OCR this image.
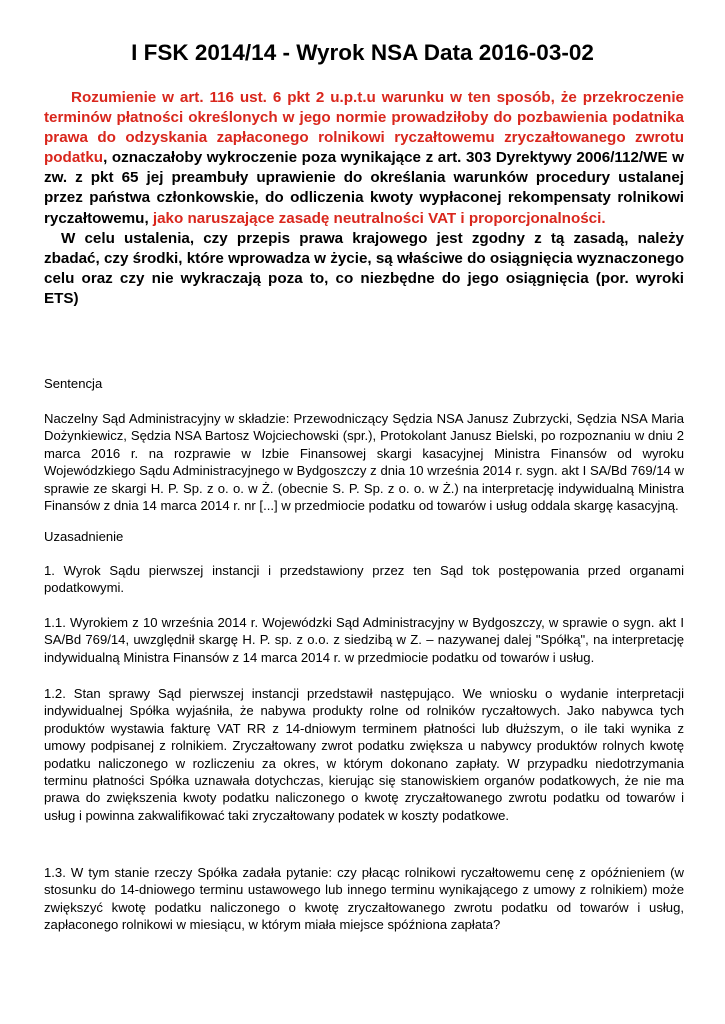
I FSK 2014/14 - Wyrok NSA Data 2016-03-02

Rozumienie w art. 116 ust. 6 pkt 2 u.p.t.u warunku w ten sposób, że przekroczenie terminów płatności określonych w jego normie prowadziłoby do pozbawienia podatnika prawa do odzyskania zapłaconego rolnikowi ryczałtowemu zryczałtowanego zwrotu podatku, oznaczałoby wykroczenie poza wynikające z art. 303 Dyrektywy 2006/112/WE w zw. z pkt 65 jej preambuły uprawienie do określania warunków procedury ustalanej przez państwa członkowskie, do odliczenia kwoty wypłaconej rekompensaty rolnikowi ryczałtowemu, jako naruszające zasadę neutralności VAT i proporcjonalności.

W celu ustalenia, czy przepis prawa krajowego jest zgodny z tą zasadą, należy zbadać, czy środki, które wprowadza w życie, są właściwe do osiągnięcia wyznaczonego celu oraz czy nie wykraczają poza to, co niezbędne do jego osiągnięcia (por. wyroki ETS)

Sentencja

Naczelny Sąd Administracyjny w składzie: Przewodniczący Sędzia NSA Janusz Zubrzycki, Sędzia NSA Maria Dożynkiewicz, Sędzia NSA Bartosz Wojciechowski (spr.), Protokolant Janusz Bielski, po rozpoznaniu w dniu 2 marca 2016 r. na rozprawie w Izbie Finansowej skargi kasacyjnej Ministra Finansów od wyroku Wojewódzkiego Sądu Administracyjnego w Bydgoszczy z dnia 10 września 2014 r. sygn. akt I SA/Bd 769/14 w sprawie ze skargi H. P. Sp. z o. o. w Ż. (obecnie S. P. Sp. z o. o. w Ż.) na interpretację indywidualną Ministra Finansów z dnia 14 marca 2014 r. nr [...] w przedmiocie podatku od towarów i usług oddala skargę kasacyjną.

Uzasadnienie

1. Wyrok Sądu pierwszej instancji i przedstawiony przez ten Sąd tok postępowania przed organami podatkowymi.

1.1. Wyrokiem z 10 września 2014 r. Wojewódzki Sąd Administracyjny w Bydgoszczy, w sprawie o sygn. akt I SA/Bd 769/14, uwzględnił skargę H. P. sp. z o.o. z siedzibą w Z. – nazywanej dalej "Spółką", na interpretację indywidualną Ministra Finansów z 14 marca 2014 r. w przedmiocie podatku od towarów i usług.

1.2. Stan sprawy Sąd pierwszej instancji przedstawił następująco. We wniosku o wydanie interpretacji indywidualnej Spółka wyjaśniła, że nabywa produkty rolne od rolników ryczałtowych. Jako nabywca tych produktów wystawia fakturę VAT RR z 14-dniowym terminem płatności lub dłuższym, o ile taki wynika z umowy podpisanej z rolnikiem. Zryczałtowany zwrot podatku zwiększa u nabywcy produktów rolnych kwotę podatku naliczonego w rozliczeniu za okres, w którym dokonano zapłaty. W przypadku niedotrzymania terminu płatności Spółka uznawała dotychczas, kierując się stanowiskiem organów podatkowych, że nie ma prawa do zwiększenia kwoty podatku naliczonego o kwotę zryczałtowanego zwrotu podatku od towarów i usług i powinna zakwalifikować taki zryczałtowany podatek w koszty podatkowe.

1.3. W tym stanie rzeczy Spółka zadała pytanie: czy płacąc rolnikowi ryczałtowemu cenę z opóźnieniem (w stosunku do 14-dniowego terminu ustawowego lub innego terminu wynikającego z umowy z rolnikiem) może zwiększyć kwotę podatku naliczonego o kwotę zryczałtowanego zwrotu podatku od towarów i usług, zapłaconego rolnikowi w miesiącu, w którym miała miejsce spóźniona zapłata?
